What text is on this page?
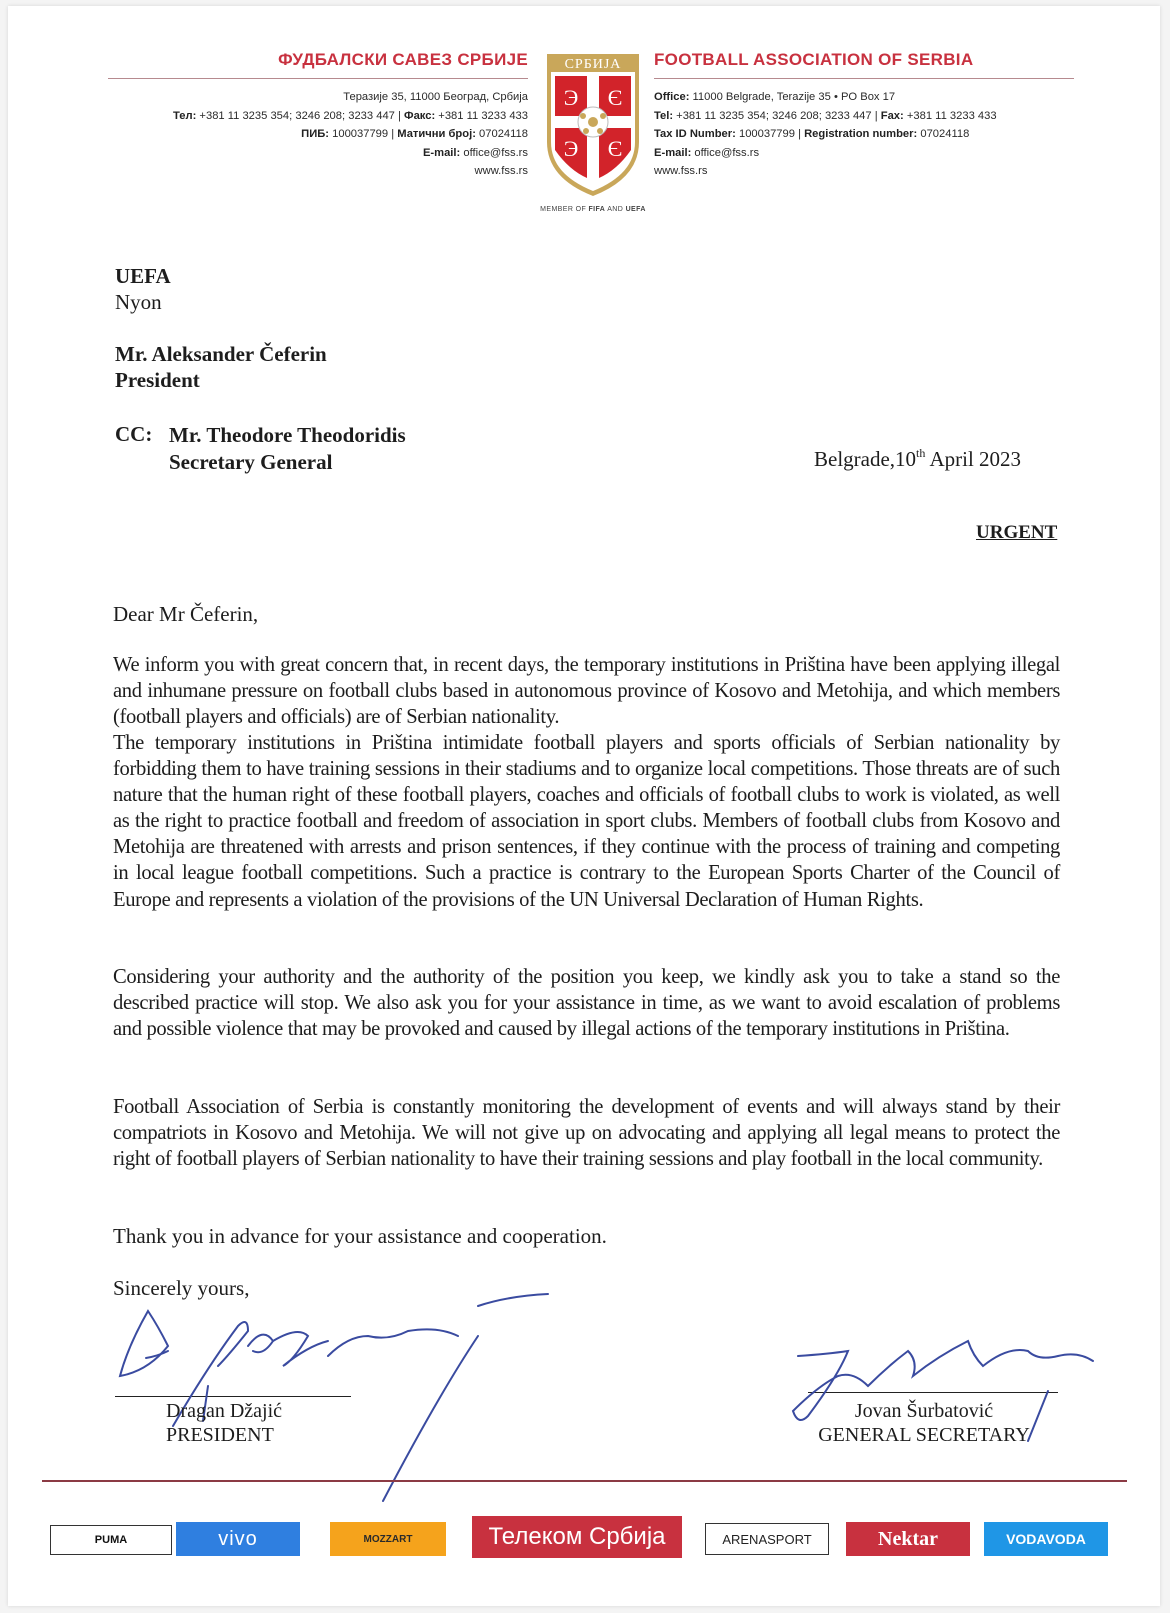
ФУДБАЛСКИ САВЕЗ СРБИЈЕ
Теразије 35, 11000 Београд, Србија
Тел: +381 11 3235 354; 3246 208; 3233 447 | Факс: +381 11 3233 433
ПИБ: 100037799 | Матични број: 07024118
E-mail: office@fss.rs
www.fss.rs
СРБИЈА
Э Є
Э Є
MEMBER OF FIFA AND UEFA
FOOTBALL ASSOCIATION OF SERBIA
Office: 11000 Belgrade, Terazije 35 • PO Box 17
Tel: +381 11 3235 354; 3246 208; 3233 447 | Fax: +381 11 3233 433
Tax ID Number: 100037799 | Registration number: 07024118
E-mail: office@fss.rs
www.fss.rs
UEFA
Nyon
Mr. Aleksander Čeferin
President
CC: Mr. Theodore Theodoridis
Secretary General	Belgrade,10th April 2023
URGENT
Dear Mr Čeferin,
We inform you with great concern that, in recent days, the temporary institutions in Priština have been applying illegal and inhumane pressure on football clubs based in autonomous province of Kosovo and Metohija, and which members (football players and officials) are of Serbian nationality.
The temporary institutions in Priština intimidate football players and sports officials of Serbian nationality by forbidding them to have training sessions in their stadiums and to organize local competitions. Those threats are of such nature that the human right of these football players, coaches and officials of football clubs to work is violated, as well as the right to practice football and freedom of association in sport clubs. Members of football clubs from Kosovo and Metohija are threatened with arrests and prison sentences, if they continue with the process of training and competing in local league football competitions. Such a practice is contrary to the European Sports Charter of the Council of Europe and represents a violation of the provisions of the UN Universal Declaration of Human Rights.
Considering your authority and the authority of the position you keep, we kindly ask you to take a stand so the described practice will stop. We also ask you for your assistance in time, as we want to avoid escalation of problems and possible violence that may be provoked and caused by illegal actions of the temporary institutions in Priština.
Football Association of Serbia is constantly monitoring the development of events and will always stand by their compatriots in Kosovo and Metohija. We will not give up on advocating and applying all legal means to protect the right of football players of Serbian nationality to have their training sessions and play football in the local community.
Thank you in advance for your assistance and cooperation.
Sincerely yours,
Dragan Džajić
PRESIDENT
Jovan Šurbatović
GENERAL SECRETARY
PUMA	vivo	MOZZART	Телеком Србија	ARENASPORT	Nektar	VODAVODA
